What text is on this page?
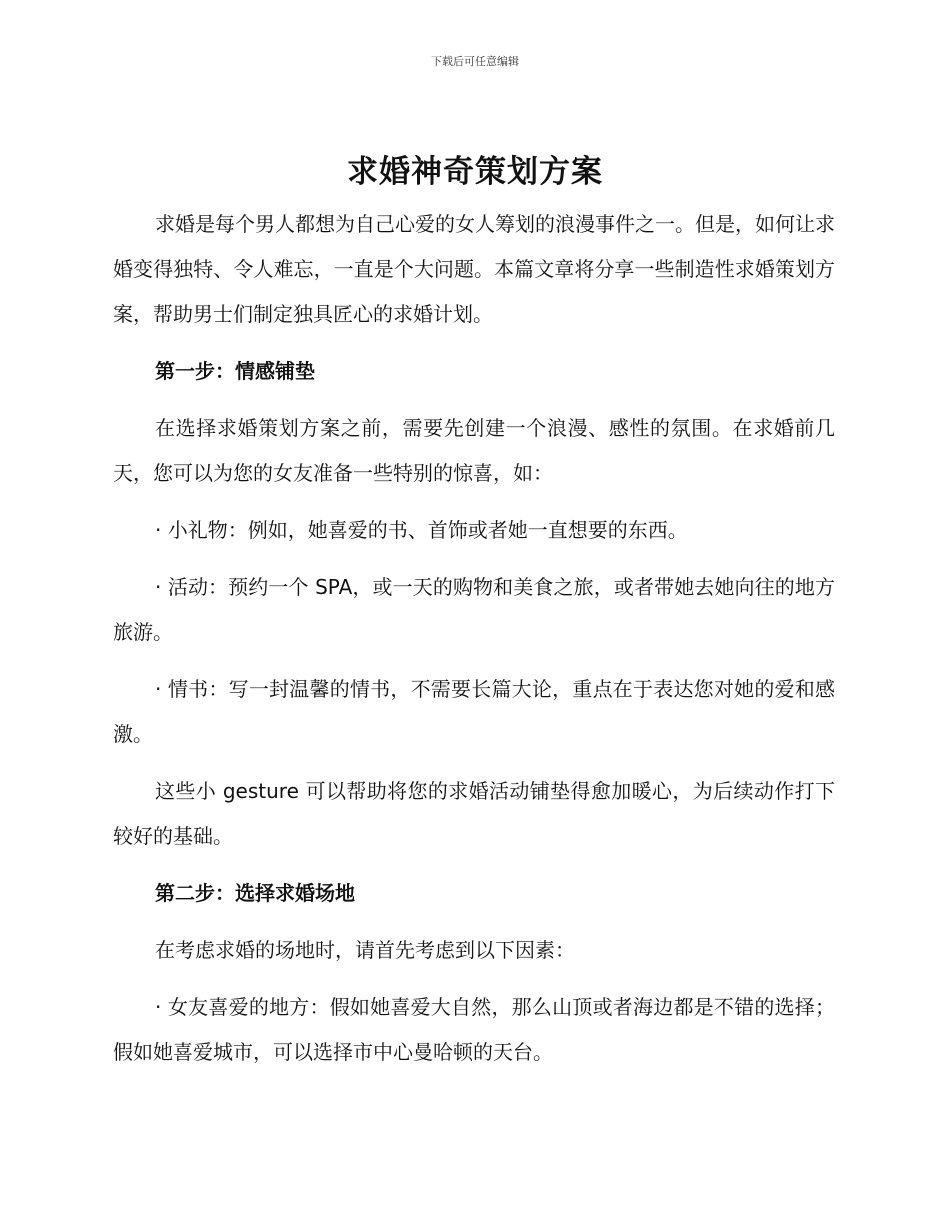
下载后可任意编辑
求婚神奇策划方案

求婚是每个男人都想为自己心爱的女人筹划的浪漫事件之一。但是，如何让求婚变得独特、令人难忘，一直是个大问题。本篇文章将分享一些制造性求婚策划方案，帮助男士们制定独具匠心的求婚计划。

第一步：情感铺垫

在选择求婚策划方案之前，需要先创建一个浪漫、感性的氛围。在求婚前几天，您可以为您的女友准备一些特别的惊喜，如：

· 小礼物：例如，她喜爱的书、首饰或者她一直想要的东西。

· 活动：预约一个 SPA，或一天的购物和美食之旅，或者带她去她向往的地方旅游。

· 情书：写一封温馨的情书，不需要长篇大论，重点在于表达您对她的爱和感激。

这些小 gesture 可以帮助将您的求婚活动铺垫得愈加暖心，为后续动作打下较好的基础。

第二步：选择求婚场地

在考虑求婚的场地时，请首先考虑到以下因素：

· 女友喜爱的地方：假如她喜爱大自然，那么山顶或者海边都是不错的选择；假如她喜爱城市，可以选择市中心曼哈顿的天台。
